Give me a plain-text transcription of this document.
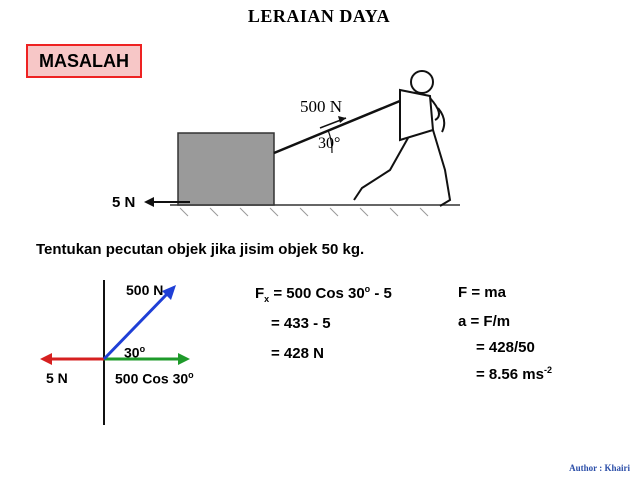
LERAIAN DAYA
MASALAH
500 N
30°
5 N
Tentukan pecutan objek jika jisim objek 50 kg.
500 N
30$^o$
5 N	500 Cos 30$^o$
$F_x = 500$ Cos 30$^o$ - 5
= 433 - 5
= 428 N
F = ma
a = F/m
= 428/50
= 8.56 $ms^{-2}$
Author : Khairi
